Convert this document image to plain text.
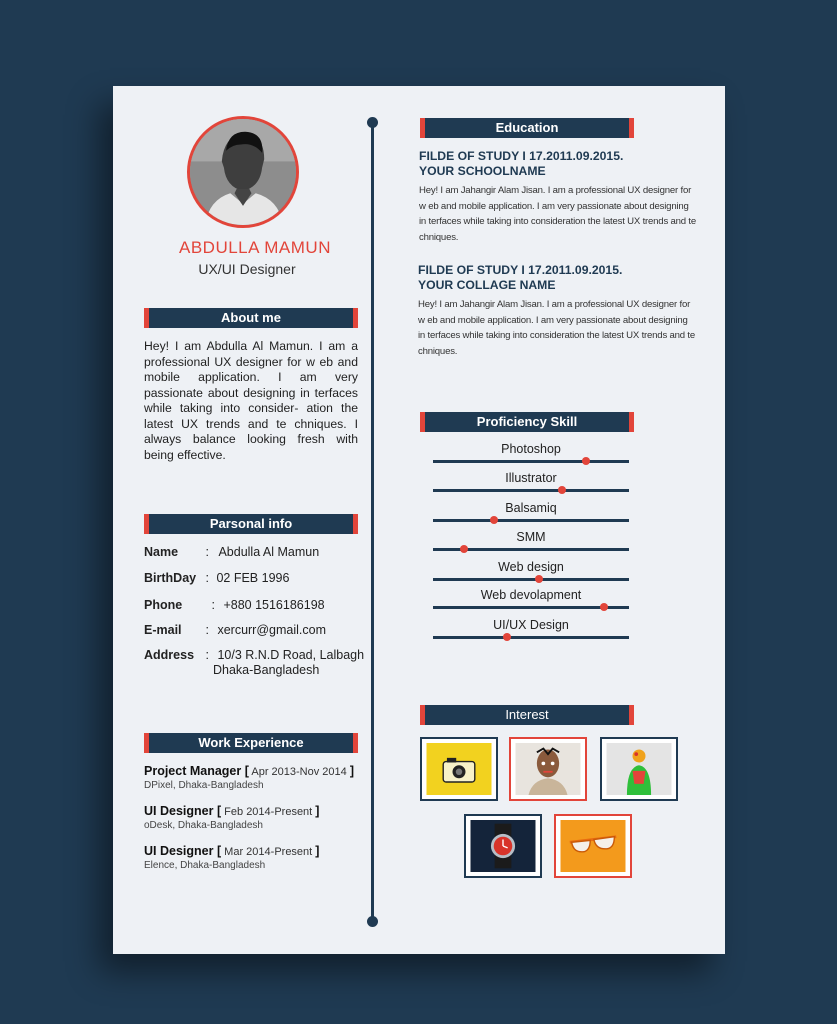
ABDULLA MAMUN
UX/UI Designer
About me
Hey! I am Abdulla Al Mamun. I am a professional UX designer for w eb and mobile application. I am very passionate about designing in terfaces while taking into consider- ation the latest UX trends and te chniques. I always balance looking fresh with being effective.
Parsonal info
Name : Abdulla Al Mamun
BirthDay : 02 FEB 1996
Phone : +880 1516186198
E-mail : xercurr@gmail.com
Address : 10/3 R.N.D Road, Lalbagh
Dhaka-Bangladesh
Work Experience
Project Manager [ Apr 2013-Nov 2014 ]
DPixel, Dhaka-Bangladesh
UI Designer [ Feb 2014-Present ]
oDesk, Dhaka-Bangladesh
UI Designer [ Mar 2014-Present ]
Elence, Dhaka-Bangladesh
Education
FILDE OF STUDY I 17.2011.09.2015.
YOUR SCHOOLNAME
Hey! I am Jahangir Alam Jisan. I am a professional UX designer for w eb and mobile application. I am very passionate about designing in terfaces while taking into consideration the latest UX trends and te chniques.
FILDE OF STUDY I 17.2011.09.2015.
YOUR COLLAGE NAME
Hey! I am Jahangir Alam Jisan. I am a professional UX designer for w eb and mobile application. I am very passionate about designing in terfaces while taking into consideration the latest UX trends and te chniques.
Proficiency Skill
Photoshop
Illustrator
Balsamiq
SMM
Web design
Web devolapment
UI/UX Design
Interest
